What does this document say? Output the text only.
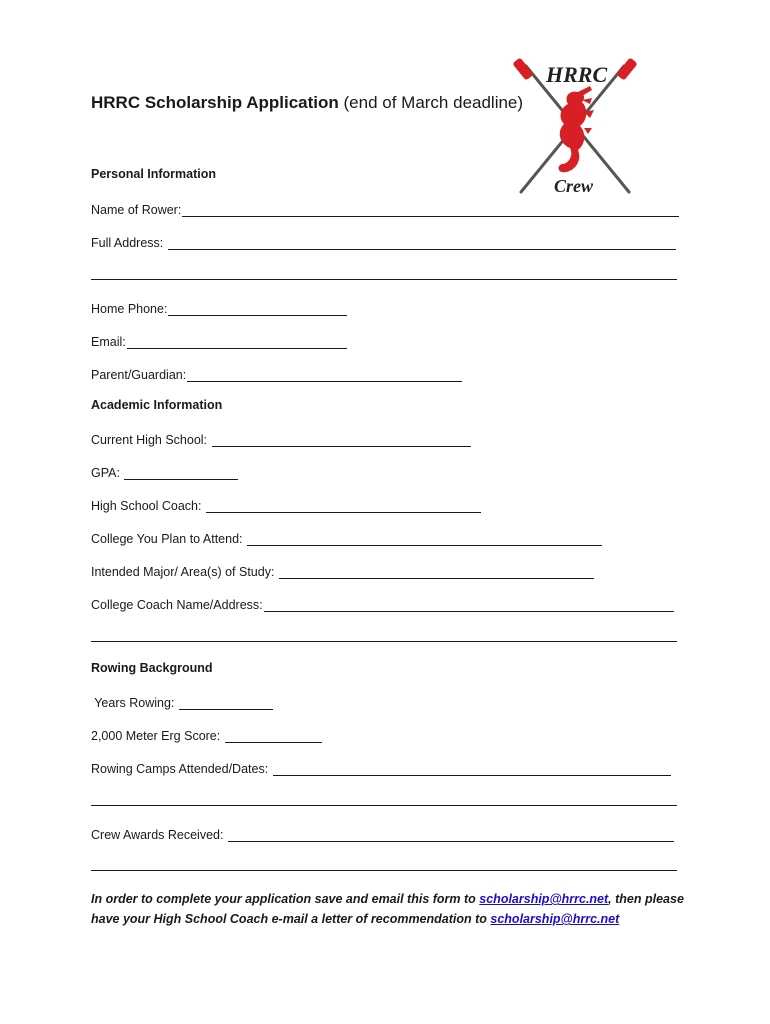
HRRC Scholarship Application (end of March deadline)
HRRC
Crew
Personal Information
Name of Rower:
Full Address:
Home Phone:
Email:
Parent/Guardian:
Academic Information
Current High School:
GPA:
High School Coach:
College You Plan to Attend:
Intended Major/ Area(s) of Study:
College Coach Name/Address:
Rowing Background
Years Rowing:
2,000 Meter Erg Score:
Rowing Camps Attended/Dates:
Crew Awards Received:
In order to complete your application save and email this form to scholarship@hrrc.net, then please have your High School Coach e-mail a letter of recommendation to scholarship@hrrc.net
